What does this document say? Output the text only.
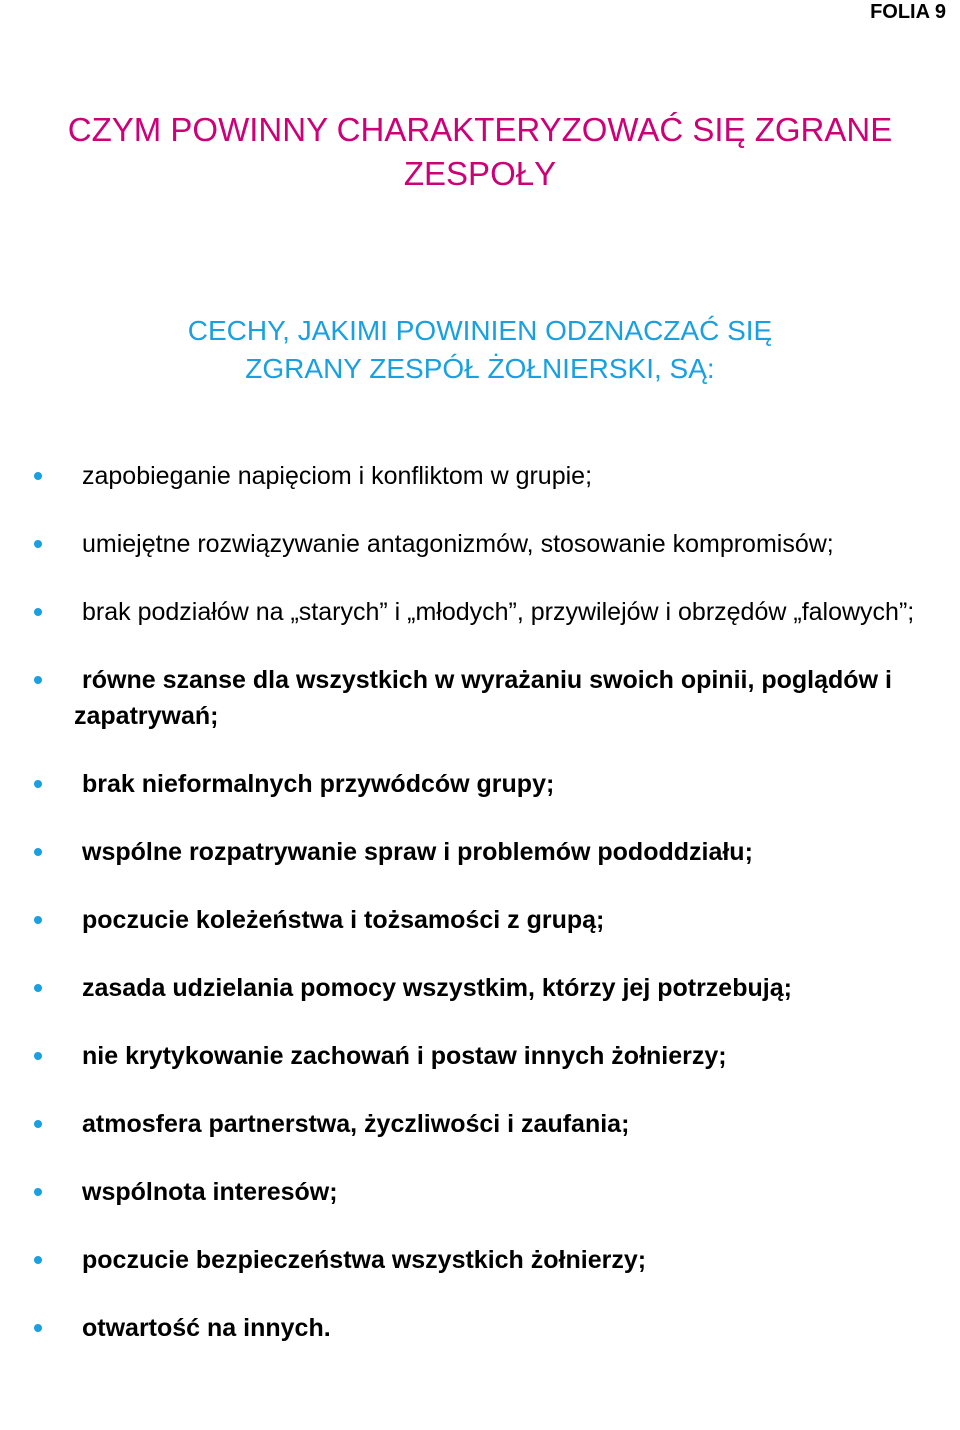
FOLIA 9
CZYM POWINNY CHARAKTERYZOWAĆ SIĘ ZGRANE
ZESPOŁY
CECHY, JAKIMI POWINIEN ODZNACZAĆ SIĘ
ZGRANY ZESPÓŁ ŻOŁNIERSKI, SĄ:
zapobieganie napięciom i konfliktom w grupie;
umiejętne rozwiązywanie antagonizmów, stosowanie kompromisów;
brak podziałów na „starych” i „młodych”, przywilejów i obrzędów „falowych”;
równe szanse dla wszystkich w wyrażaniu swoich opinii, poglądów i zapatrywań;
brak nieformalnych przywódców grupy;
wspólne rozpatrywanie spraw i problemów pododdziału;
poczucie koleżeństwa i tożsamości z grupą;
zasada udzielania pomocy wszystkim, którzy jej potrzebują;
nie krytykowanie zachowań i postaw innych żołnierzy;
atmosfera partnerstwa, życzliwości i zaufania;
wspólnota interesów;
poczucie bezpieczeństwa wszystkich żołnierzy;
otwartość na innych.
